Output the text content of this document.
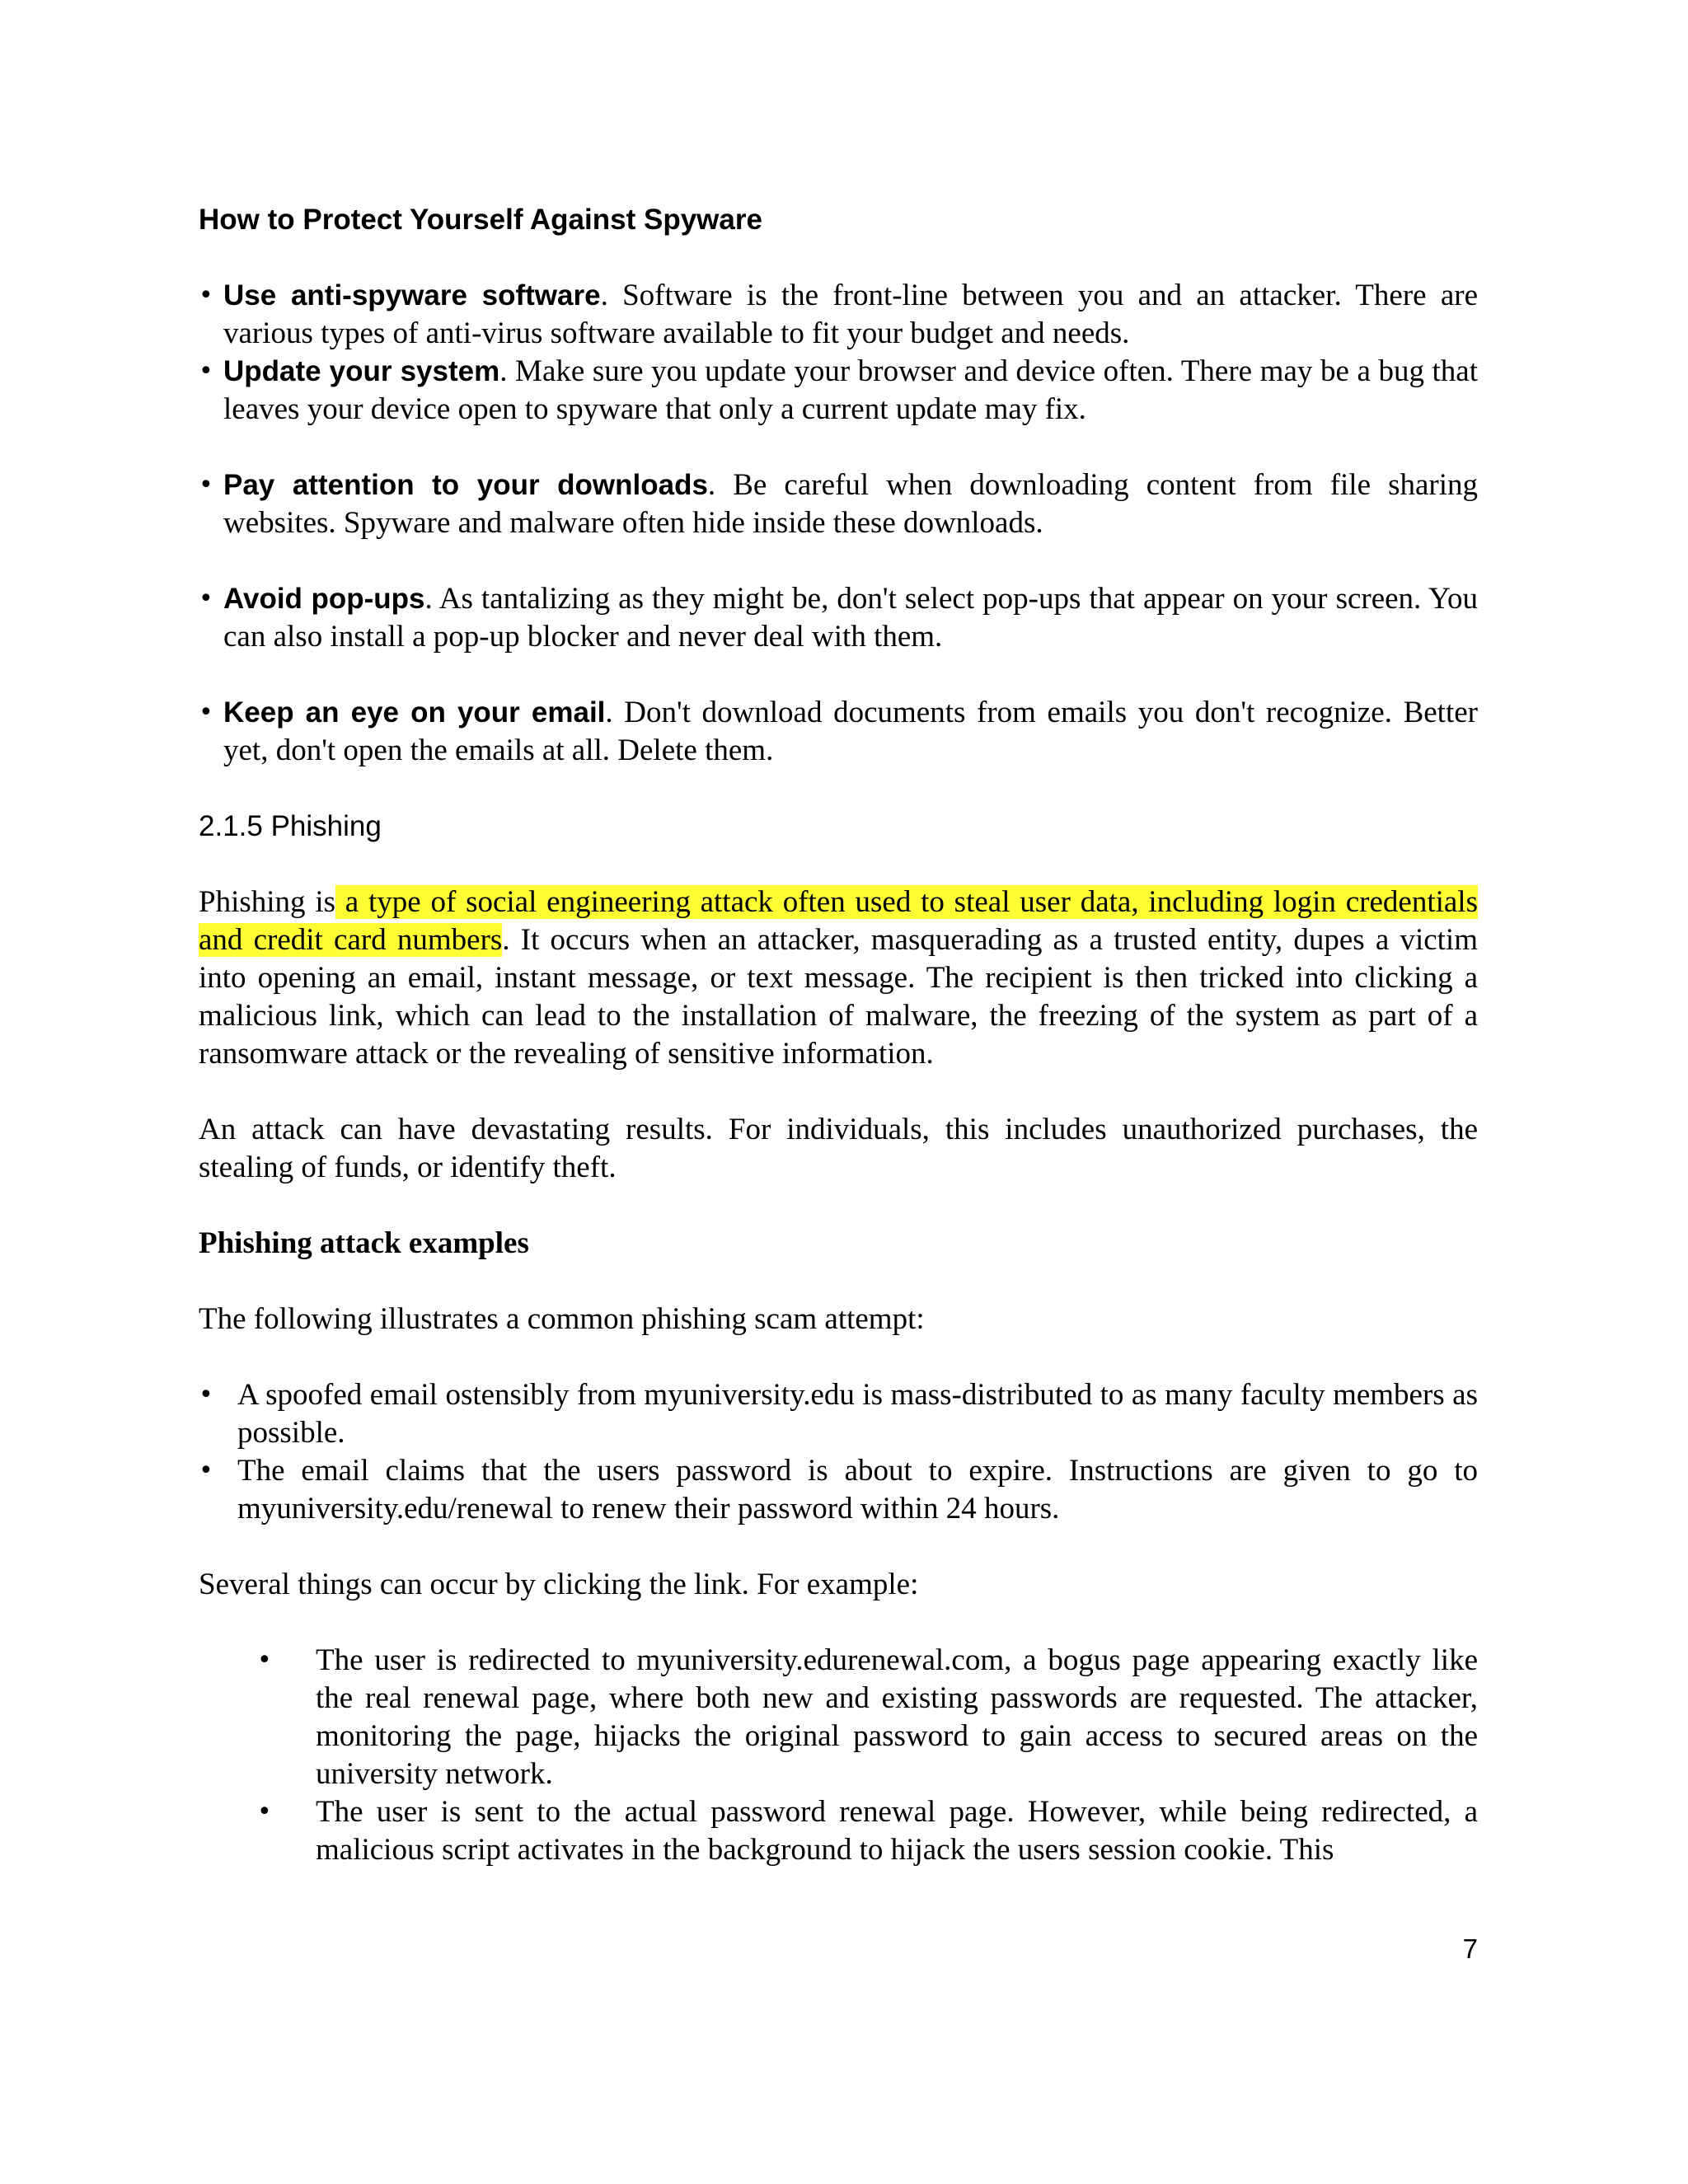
How to Protect Yourself Against Spyware
• Use anti-spyware software. Software is the front-line between you and an attacker. There are various types of anti-virus software available to fit your budget and needs.
• Update your system. Make sure you update your browser and device often. There may be a bug that leaves your device open to spyware that only a current update may fix.
• Pay attention to your downloads. Be careful when downloading content from file sharing websites. Spyware and malware often hide inside these downloads.
• Avoid pop-ups. As tantalizing as they might be, don't select pop-ups that appear on your screen. You can also install a pop-up blocker and never deal with them.
• Keep an eye on your email. Don't download documents from emails you don't recognize. Better yet, don't open the emails at all. Delete them.

2.1.5 Phishing

Phishing is a type of social engineering attack often used to steal user data, including login credentials and credit card numbers. It occurs when an attacker, masquerading as a trusted entity, dupes a victim into opening an email, instant message, or text message. The recipient is then tricked into clicking a malicious link, which can lead to the installation of malware, the freezing of the system as part of a ransomware attack or the revealing of sensitive information.

An attack can have devastating results. For individuals, this includes unauthorized purchases, the stealing of funds, or identify theft.

Phishing attack examples

The following illustrates a common phishing scam attempt:

• A spoofed email ostensibly from myuniversity.edu is mass-distributed to as many faculty members as possible.
• The email claims that the users password is about to expire. Instructions are given to go to myuniversity.edu/renewal to renew their password within 24 hours.

Several things can occur by clicking the link. For example:

• The user is redirected to myuniversity.edurenewal.com, a bogus page appearing exactly like the real renewal page, where both new and existing passwords are requested. The attacker, monitoring the page, hijacks the original password to gain access to secured areas on the university network.
• The user is sent to the actual password renewal page. However, while being redirected, a malicious script activates in the background to hijack the users session cookie. This
7
